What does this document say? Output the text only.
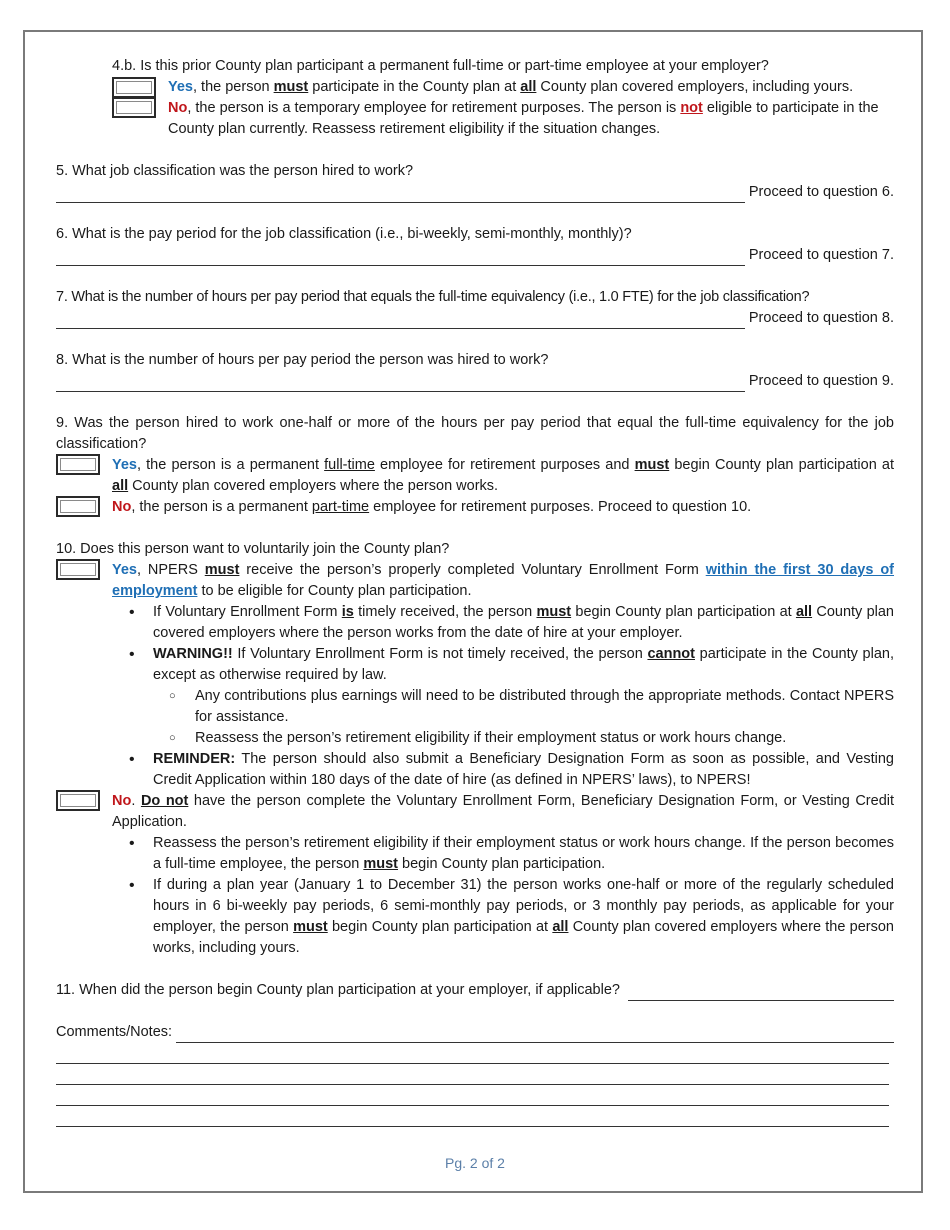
4.b. Is this prior County plan participant a permanent full-time or part-time employee at your employer?

Yes, the person must participate in the County plan at all County plan covered employers, including yours.

No, the person is a temporary employee for retirement purposes. The person is not eligible to participate in the County plan currently. Reassess retirement eligibility if the situation changes.

5. What job classification was the person hired to work?

Proceed to question 6.

6. What is the pay period for the job classification (i.e., bi-weekly, semi-monthly, monthly)?

Proceed to question 7.

7. What is the number of hours per pay period that equals the full-time equivalency (i.e., 1.0 FTE) for the job classification?

Proceed to question 8.

8. What is the number of hours per pay period the person was hired to work?

Proceed to question 9.

9. Was the person hired to work one-half or more of the hours per pay period that equal the full-time equivalency for the job classification?

Yes, the person is a permanent full-time employee for retirement purposes and must begin County plan participation at all County plan covered employers where the person works.

No, the person is a permanent part-time employee for retirement purposes. Proceed to question 10.

10. Does this person want to voluntarily join the County plan?

Yes, NPERS must receive the person’s properly completed Voluntary Enrollment Form within the first 30 days of employment to be eligible for County plan participation.

• If Voluntary Enrollment Form is timely received, the person must begin County plan participation at all County plan covered employers where the person works from the date of hire at your employer.
• WARNING!! If Voluntary Enrollment Form is not timely received, the person cannot participate in the County plan, except as otherwise required by law.
○ Any contributions plus earnings will need to be distributed through the appropriate methods. Contact NPERS for assistance.
○ Reassess the person’s retirement eligibility if their employment status or work hours change.
• REMINDER: The person should also submit a Beneficiary Designation Form as soon as possible, and Vesting Credit Application within 180 days of the date of hire (as defined in NPERS’ laws), to NPERS!

No. Do not have the person complete the Voluntary Enrollment Form, Beneficiary Designation Form, or Vesting Credit Application.

• Reassess the person’s retirement eligibility if their employment status or work hours change. If the person becomes a full-time employee, the person must begin County plan participation.
• If during a plan year (January 1 to December 31) the person works one-half or more of the regularly scheduled hours in 6 bi-weekly pay periods, 6 semi-monthly pay periods, or 3 monthly pay periods, as applicable for your employer, the person must begin County plan participation at all County plan covered employers where the person works, including yours.
11. When did the person begin County plan participation at your employer, if applicable?
Comments/Notes:
Pg. 2 of 2
